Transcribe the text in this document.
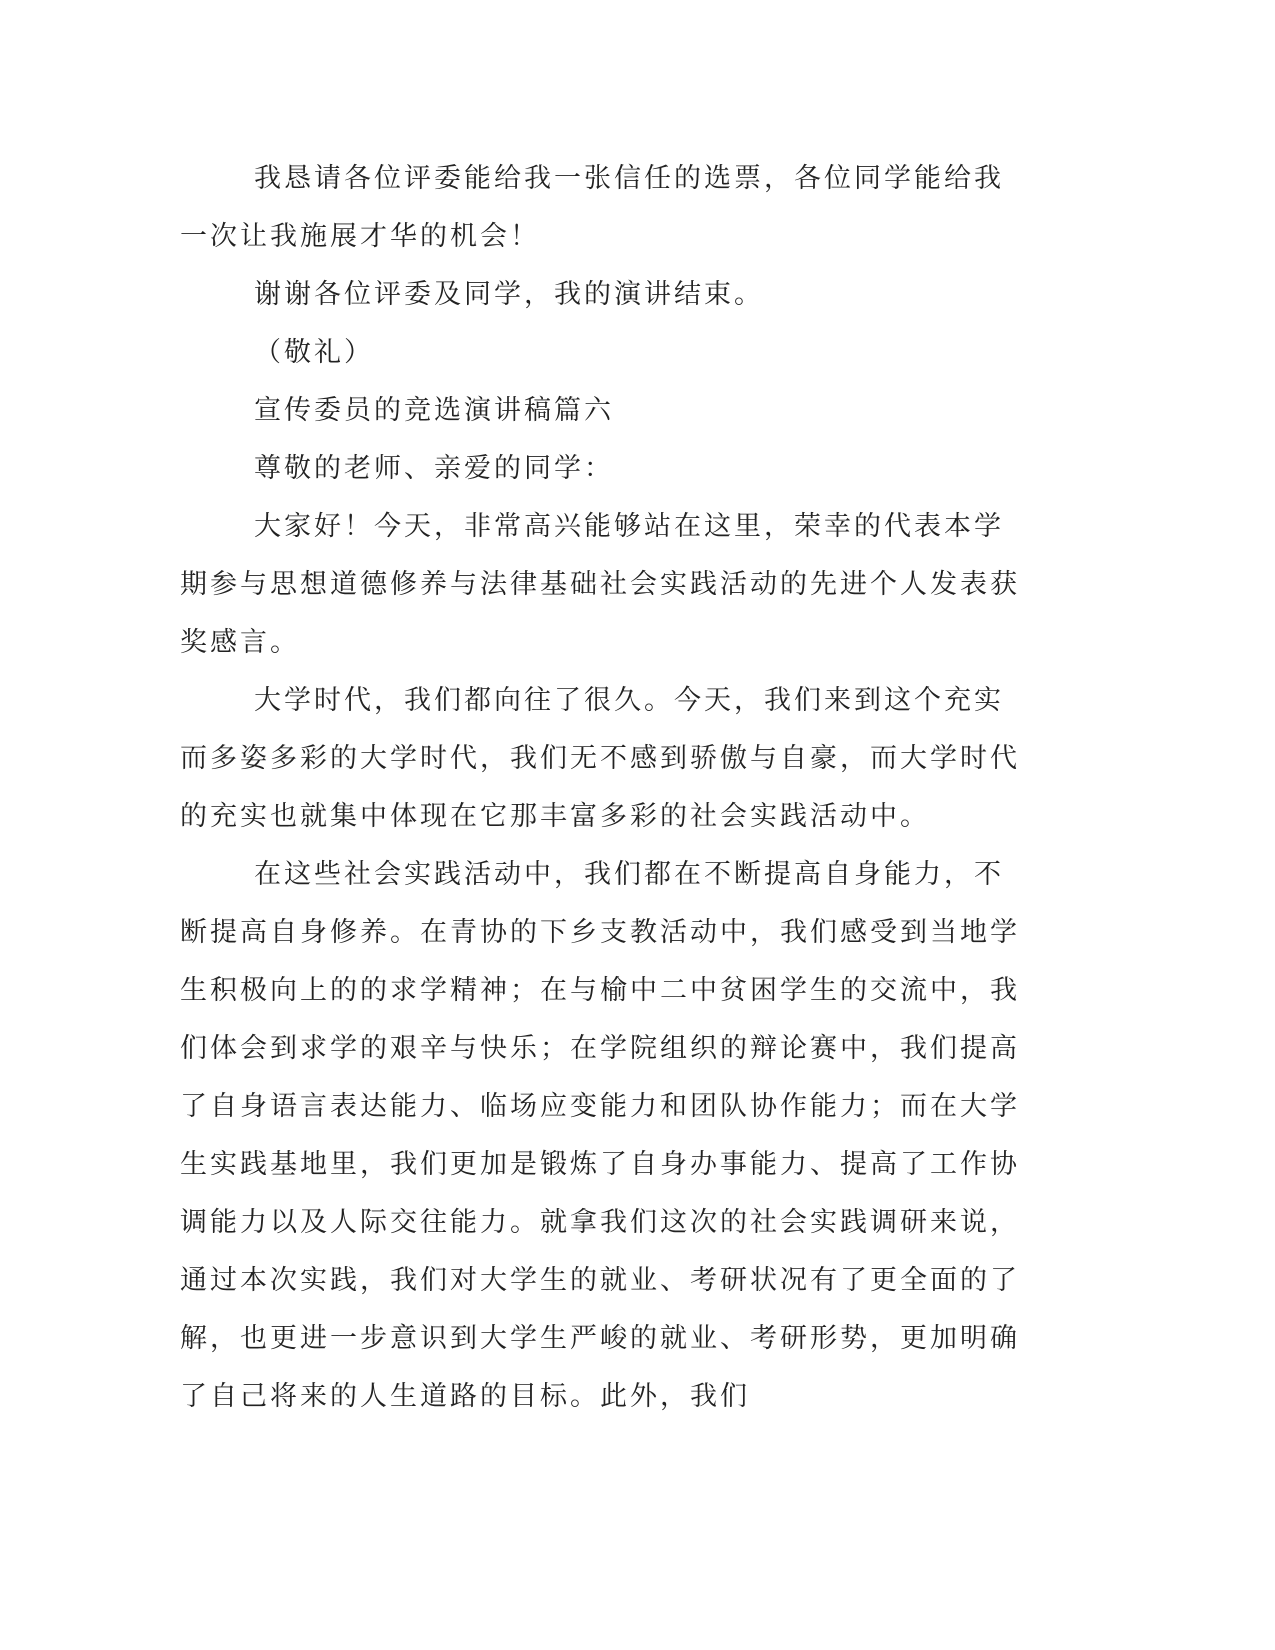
我恳请各位评委能给我一张信任的选票，各位同学能给我一次让我施展才华的机会！

谢谢各位评委及同学，我的演讲结束。

（敬礼）

宣传委员的竞选演讲稿篇六

尊敬的老师、亲爱的同学：

大家好！今天，非常高兴能够站在这里，荣幸的代表本学期参与思想道德修养与法律基础社会实践活动的先进个人发表获奖感言。

大学时代，我们都向往了很久。今天，我们来到这个充实而多姿多彩的大学时代，我们无不感到骄傲与自豪，而大学时代的充实也就集中体现在它那丰富多彩的社会实践活动中。

在这些社会实践活动中，我们都在不断提高自身能力，不断提高自身修养。在青协的下乡支教活动中，我们感受到当地学生积极向上的的求学精神；在与榆中二中贫困学生的交流中，我们体会到求学的艰辛与快乐；在学院组织的辩论赛中，我们提高了自身语言表达能力、临场应变能力和团队协作能力；而在大学生实践基地里，我们更加是锻炼了自身办事能力、提高了工作协调能力以及人际交往能力。就拿我们这次的社会实践调研来说，通过本次实践，我们对大学生的就业、考研状况有了更全面的了解，也更进一步意识到大学生严峻的就业、考研形势，更加明确了自己将来的人生道路的目标。此外，我们
